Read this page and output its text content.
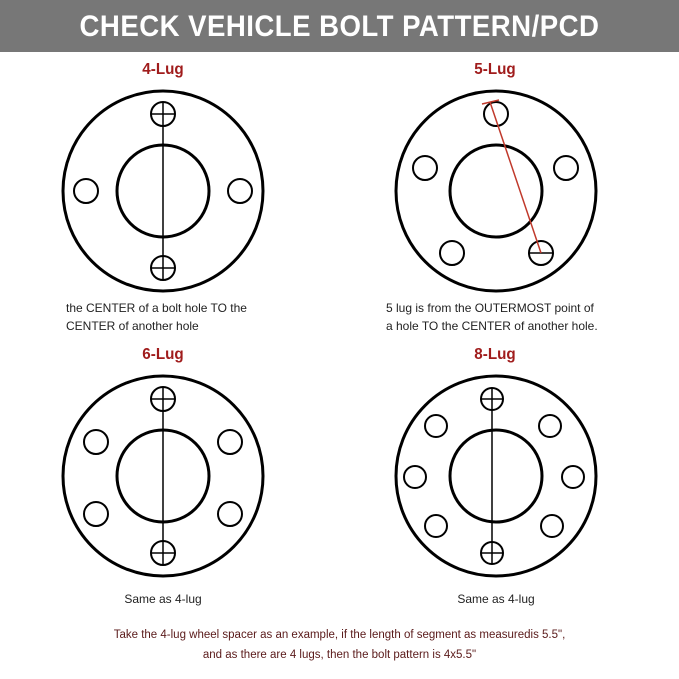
CHECK VEHICLE BOLT PATTERN/PCD
4-Lug	5-Lug
6-Lug	8-Lug
the CENTER of a bolt hole TO the
CENTER of another hole
5 lug is from the OUTERMOST point of
a hole TO the CENTER of another hole.
Same as 4-lug	Same as 4-lug
Take the 4-lug wheel spacer as an example, if the length of segment as measuredis 5.5",
and as there are 4 lugs, then the bolt pattern is 4x5.5"
